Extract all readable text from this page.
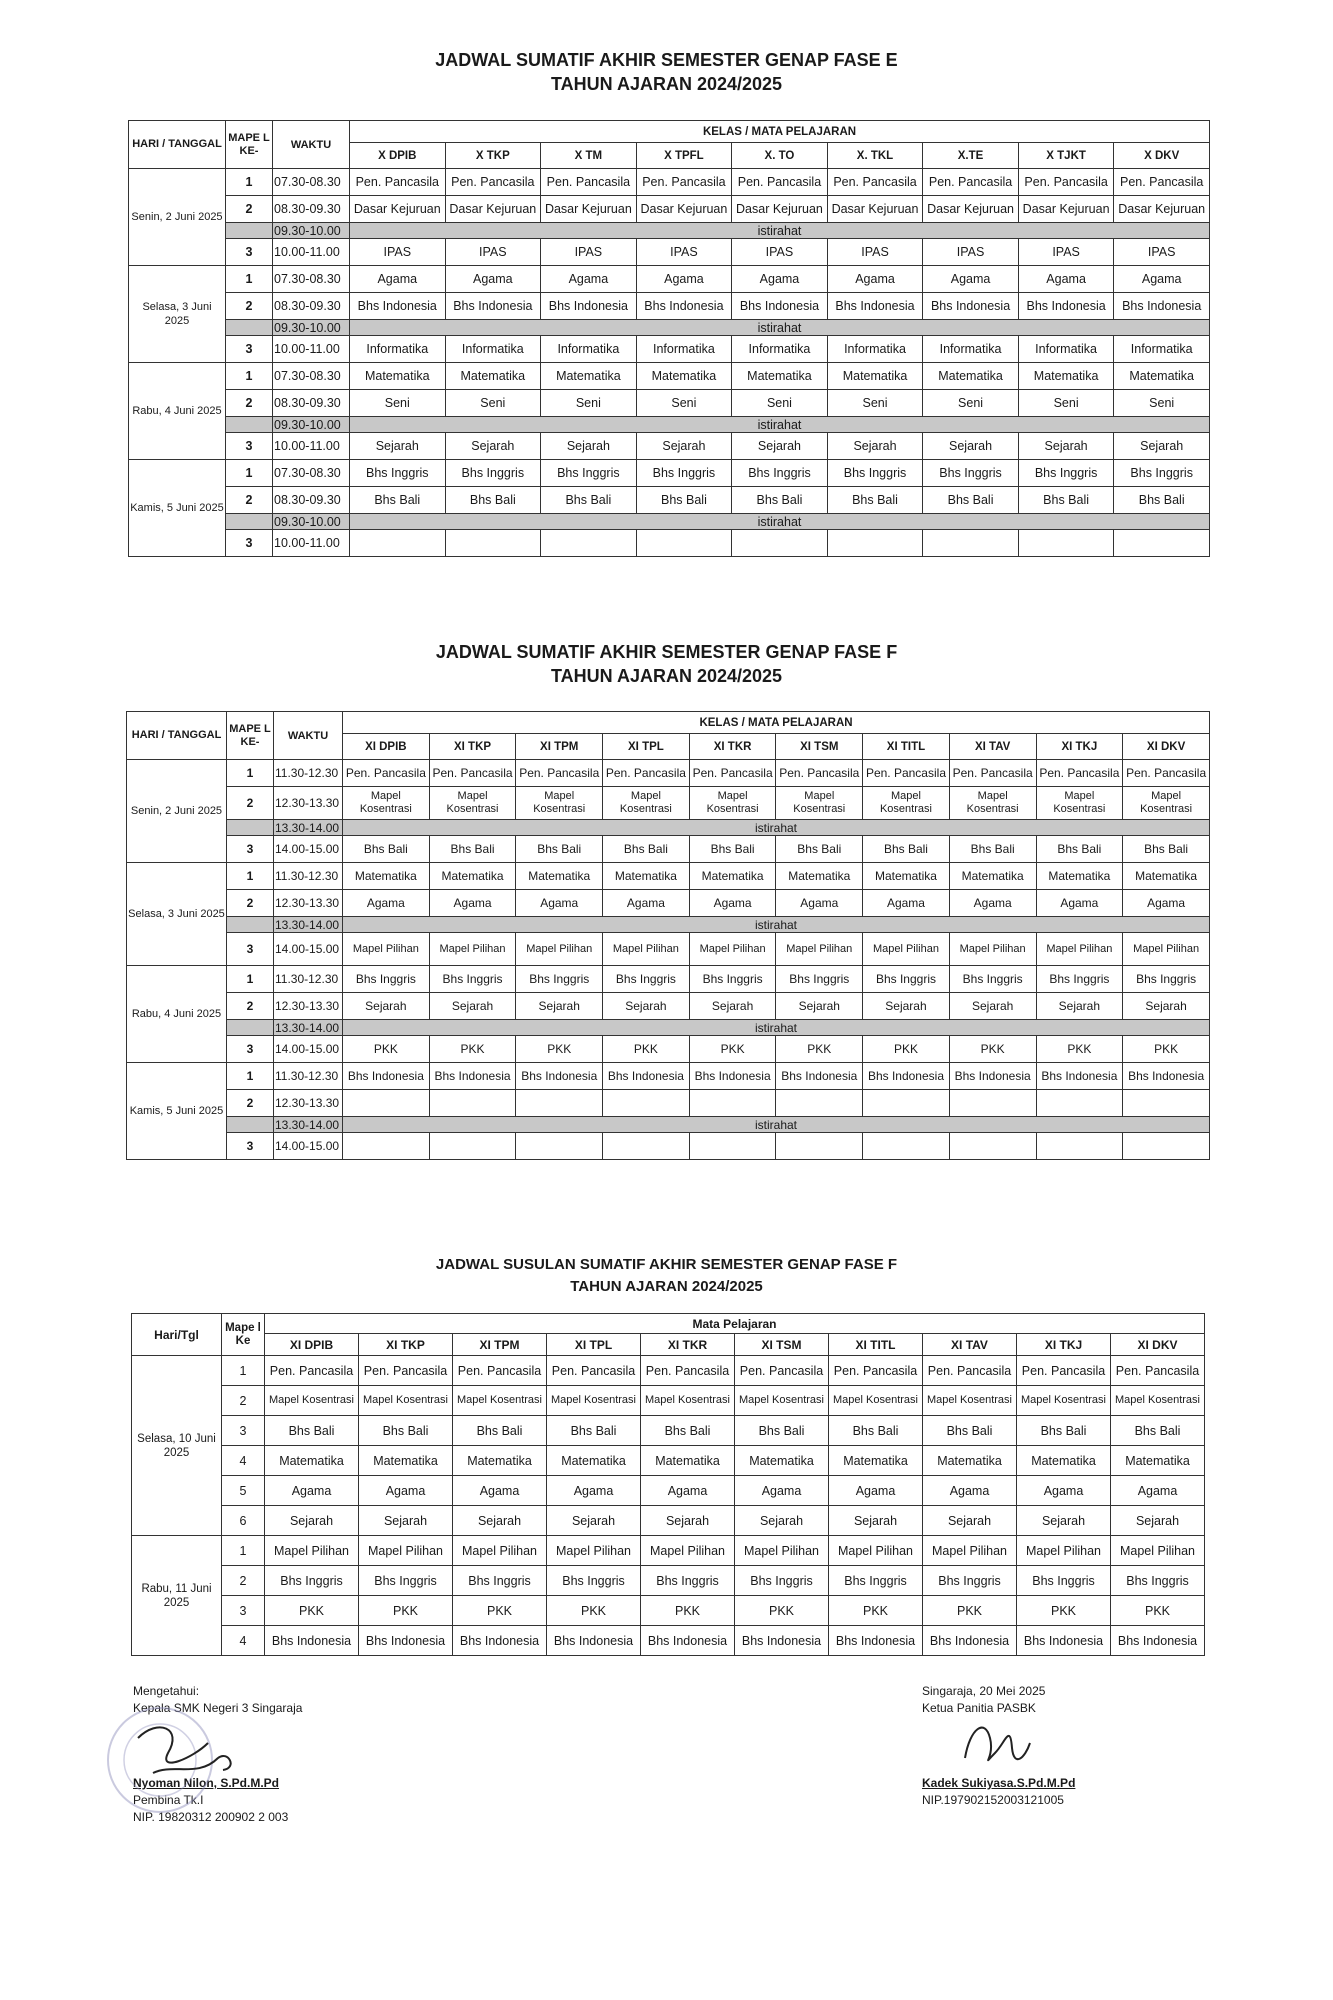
JADWAL SUMATIF AKHIR SEMESTER GENAP FASE E
TAHUN AJARAN 2024/2025
HARI / TANGGAL	MAPE L KE-	WAKTU	KELAS / MATA PELAJARAN								
			X DPIB	X TKP	X TM	X TPFL	X. TO	X. TKL	X.TE	X TJKT	X DKV
Senin, 2 Juni 2025	1	07.30-08.30	Pen. Pancasila	Pen. Pancasila	Pen. Pancasila	Pen. Pancasila	Pen. Pancasila	Pen. Pancasila	Pen. Pancasila	Pen. Pancasila	Pen. Pancasila
	2	08.30-09.30	Dasar Kejuruan	Dasar Kejuruan	Dasar Kejuruan	Dasar Kejuruan	Dasar Kejuruan	Dasar Kejuruan	Dasar Kejuruan	Dasar Kejuruan	Dasar Kejuruan
		09.30-10.00	istirahat								
	3	10.00-11.00	IPAS	IPAS	IPAS	IPAS	IPAS	IPAS	IPAS	IPAS	IPAS
Selasa, 3 Juni 2025	1	07.30-08.30	Agama	Agama	Agama	Agama	Agama	Agama	Agama	Agama	Agama
	2	08.30-09.30	Bhs Indonesia	Bhs Indonesia	Bhs Indonesia	Bhs Indonesia	Bhs Indonesia	Bhs Indonesia	Bhs Indonesia	Bhs Indonesia	Bhs Indonesia
		09.30-10.00	istirahat								
	3	10.00-11.00	Informatika	Informatika	Informatika	Informatika	Informatika	Informatika	Informatika	Informatika	Informatika
Rabu, 4 Juni 2025	1	07.30-08.30	Matematika	Matematika	Matematika	Matematika	Matematika	Matematika	Matematika	Matematika	Matematika
	2	08.30-09.30	Seni	Seni	Seni	Seni	Seni	Seni	Seni	Seni	Seni
		09.30-10.00	istirahat								
	3	10.00-11.00	Sejarah	Sejarah	Sejarah	Sejarah	Sejarah	Sejarah	Sejarah	Sejarah	Sejarah
Kamis, 5 Juni 2025	1	07.30-08.30	Bhs Inggris	Bhs Inggris	Bhs Inggris	Bhs Inggris	Bhs Inggris	Bhs Inggris	Bhs Inggris	Bhs Inggris	Bhs Inggris
	2	08.30-09.30	Bhs Bali	Bhs Bali	Bhs Bali	Bhs Bali	Bhs Bali	Bhs Bali	Bhs Bali	Bhs Bali	Bhs Bali
		09.30-10.00	istirahat								
	3	10.00-11.00									
JADWAL SUMATIF AKHIR SEMESTER GENAP FASE F
TAHUN AJARAN 2024/2025
HARI / TANGGAL	MAPE L KE-	WAKTU	KELAS / MATA PELAJARAN									
			XI DPIB	XI TKP	XI TPM	XI TPL	XI TKR	XI TSM	XI TITL	XI TAV	XI TKJ	XI DKV
Senin, 2 Juni 2025	1	11.30-12.30	Pen. Pancasila	Pen. Pancasila	Pen. Pancasila	Pen. Pancasila	Pen. Pancasila	Pen. Pancasila	Pen. Pancasila	Pen. Pancasila	Pen. Pancasila	Pen. Pancasila
	2	12.30-13.30	Mapel Kosentrasi	Mapel Kosentrasi	Mapel Kosentrasi	Mapel Kosentrasi	Mapel Kosentrasi	Mapel Kosentrasi	Mapel Kosentrasi	Mapel Kosentrasi	Mapel Kosentrasi	Mapel Kosentrasi
		13.30-14.00	istirahat									
	3	14.00-15.00	Bhs Bali	Bhs Bali	Bhs Bali	Bhs Bali	Bhs Bali	Bhs Bali	Bhs Bali	Bhs Bali	Bhs Bali	Bhs Bali
Selasa, 3 Juni 2025	1	11.30-12.30	Matematika	Matematika	Matematika	Matematika	Matematika	Matematika	Matematika	Matematika	Matematika	Matematika
	2	12.30-13.30	Agama	Agama	Agama	Agama	Agama	Agama	Agama	Agama	Agama	Agama
		13.30-14.00	istirahat									
	3	14.00-15.00	Mapel Pilihan	Mapel Pilihan	Mapel Pilihan	Mapel Pilihan	Mapel Pilihan	Mapel Pilihan	Mapel Pilihan	Mapel Pilihan	Mapel Pilihan	Mapel Pilihan
Rabu, 4 Juni 2025	1	11.30-12.30	Bhs Inggris	Bhs Inggris	Bhs Inggris	Bhs Inggris	Bhs Inggris	Bhs Inggris	Bhs Inggris	Bhs Inggris	Bhs Inggris	Bhs Inggris
	2	12.30-13.30	Sejarah	Sejarah	Sejarah	Sejarah	Sejarah	Sejarah	Sejarah	Sejarah	Sejarah	Sejarah
		13.30-14.00	istirahat									
	3	14.00-15.00	PKK	PKK	PKK	PKK	PKK	PKK	PKK	PKK	PKK	PKK
Kamis, 5 Juni 2025	1	11.30-12.30	Bhs Indonesia	Bhs Indonesia	Bhs Indonesia	Bhs Indonesia	Bhs Indonesia	Bhs Indonesia	Bhs Indonesia	Bhs Indonesia	Bhs Indonesia	Bhs Indonesia
	2	12.30-13.30										
		13.30-14.00	istirahat									
	3	14.00-15.00										
JADWAL SUSULAN SUMATIF AKHIR SEMESTER GENAP FASE F
TAHUN AJARAN 2024/2025
Hari/Tgl	Mape l Ke	Mata Pelajaran									
		XI DPIB	XI TKP	XI TPM	XI TPL	XI TKR	XI TSM	XI TITL	XI TAV	XI TKJ	XI DKV
Selasa, 10 Juni 2025	1	Pen. Pancasila	Pen. Pancasila	Pen. Pancasila	Pen. Pancasila	Pen. Pancasila	Pen. Pancasila	Pen. Pancasila	Pen. Pancasila	Pen. Pancasila	Pen. Pancasila
	2	Mapel Kosentrasi	Mapel Kosentrasi	Mapel Kosentrasi	Mapel Kosentrasi	Mapel Kosentrasi	Mapel Kosentrasi	Mapel Kosentrasi	Mapel Kosentrasi	Mapel Kosentrasi	Mapel Kosentrasi
	3	Bhs Bali	Bhs Bali	Bhs Bali	Bhs Bali	Bhs Bali	Bhs Bali	Bhs Bali	Bhs Bali	Bhs Bali	Bhs Bali
	4	Matematika	Matematika	Matematika	Matematika	Matematika	Matematika	Matematika	Matematika	Matematika	Matematika
	5	Agama	Agama	Agama	Agama	Agama	Agama	Agama	Agama	Agama	Agama
	6	Sejarah	Sejarah	Sejarah	Sejarah	Sejarah	Sejarah	Sejarah	Sejarah	Sejarah	Sejarah
Rabu, 11 Juni 2025	1	Mapel Pilihan	Mapel Pilihan	Mapel Pilihan	Mapel Pilihan	Mapel Pilihan	Mapel Pilihan	Mapel Pilihan	Mapel Pilihan	Mapel Pilihan	Mapel Pilihan
	2	Bhs Inggris	Bhs Inggris	Bhs Inggris	Bhs Inggris	Bhs Inggris	Bhs Inggris	Bhs Inggris	Bhs Inggris	Bhs Inggris	Bhs Inggris
	3	PKK	PKK	PKK	PKK	PKK	PKK	PKK	PKK	PKK	PKK
	4	Bhs Indonesia	Bhs Indonesia	Bhs Indonesia	Bhs Indonesia	Bhs Indonesia	Bhs Indonesia	Bhs Indonesia	Bhs Indonesia	Bhs Indonesia	Bhs Indonesia
Mengetahui:
Kepala SMK Negeri 3 Singaraja
Nyoman Nilon, S.Pd.M.Pd
Pembina Tk.I
NIP. 19820312 200902 2 003
Singaraja, 20 Mei 2025
Ketua Panitia PASBK
Kadek Sukiyasa.S.Pd.M.Pd
NIP.197902152003121005
